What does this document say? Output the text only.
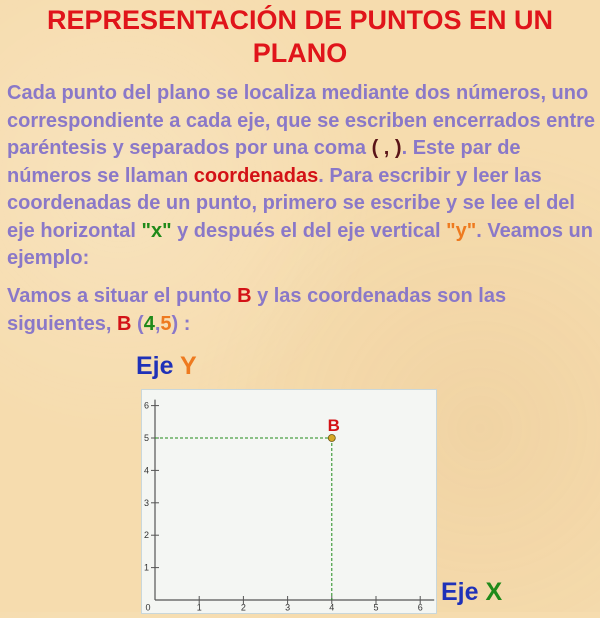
REPRESENTACIÓN DE PUNTOS EN UN PLANO
Cada punto del plano se localiza mediante dos números, uno correspondiente a cada eje, que se escriben encerrados entre paréntesis y separados por una coma ( , ). Este par de números se llaman coordenadas. Para escribir y leer las coordenadas de un punto, primero se escribe y se lee el del eje horizontal "x" y después el del eje vertical "y". Veamos un ejemplo:
Vamos a situar el punto B y las coordenadas son las siguientes, B (4,5) :
Eje Y
0	1	2	3	4	5	6
1
2
3
4
5
6
B
Eje X
